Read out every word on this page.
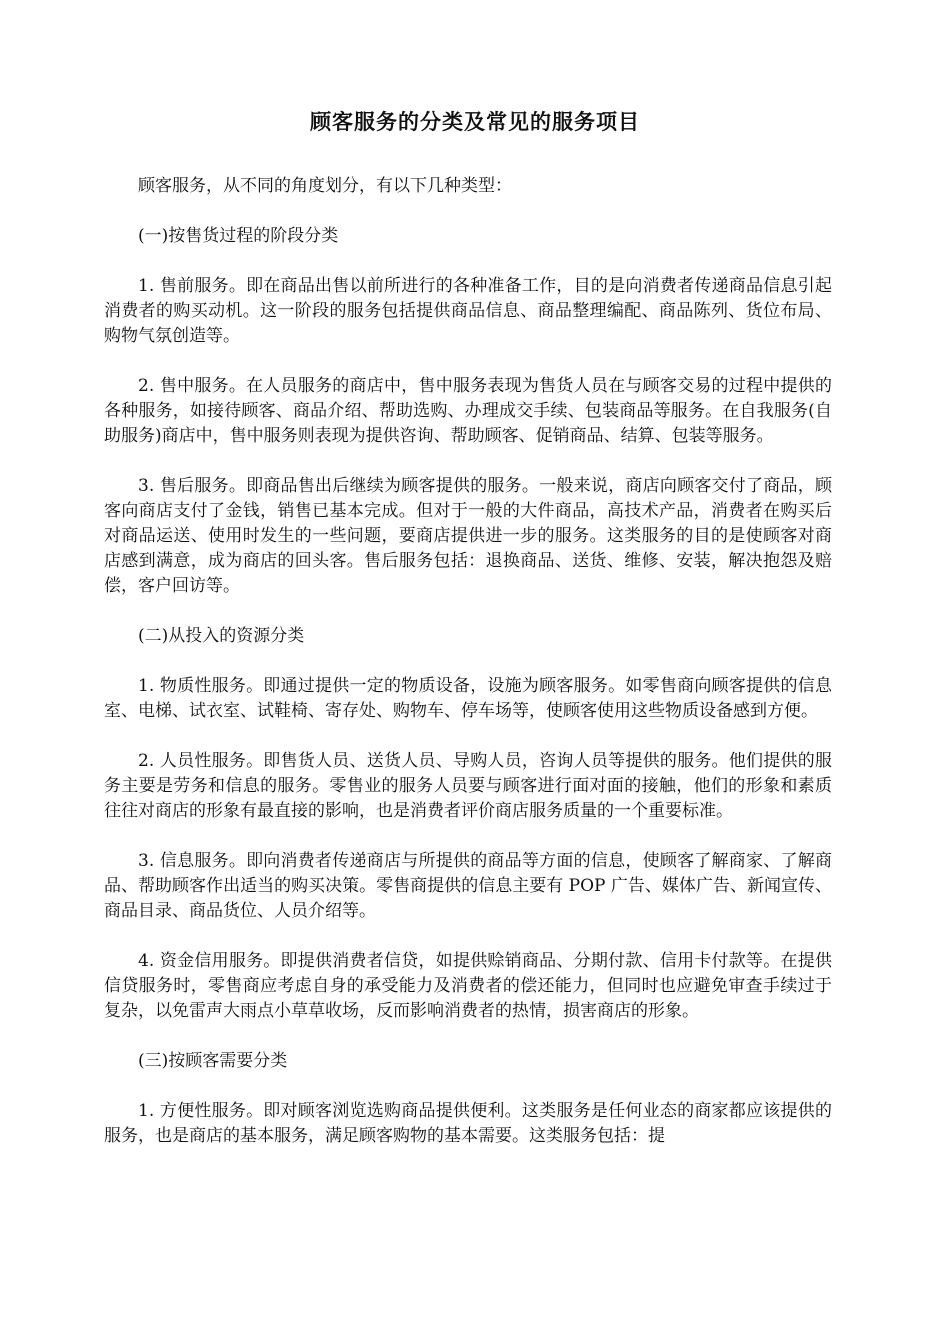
顾客服务的分类及常见的服务项目

顾客服务，从不同的角度划分，有以下几种类型：

(一)按售货过程的阶段分类

1. 售前服务。即在商品出售以前所进行的各种准备工作，目的是向消费者传递商品信息引起消费者的购买动机。这一阶段的服务包括提供商品信息、商品整理编配、商品陈列、货位布局、购物气氛创造等。

2. 售中服务。在人员服务的商店中，售中服务表现为售货人员在与顾客交易的过程中提供的各种服务，如接待顾客、商品介绍、帮助选购、办理成交手续、包装商品等服务。在自我服务(自助服务)商店中，售中服务则表现为提供咨询、帮助顾客、促销商品、结算、包装等服务。

3. 售后服务。即商品售出后继续为顾客提供的服务。一般来说，商店向顾客交付了商品，顾客向商店支付了金钱，销售已基本完成。但对于一般的大件商品，高技术产品，消费者在购买后对商品运送、使用时发生的一些问题，要商店提供进一步的服务。这类服务的目的是使顾客对商店感到满意，成为商店的回头客。售后服务包括：退换商品、送货、维修、安装，解决抱怨及赔偿，客户回访等。

(二)从投入的资源分类

1. 物质性服务。即通过提供一定的物质设备，设施为顾客服务。如零售商向顾客提供的信息室、电梯、试衣室、试鞋椅、寄存处、购物车、停车场等，使顾客使用这些物质设备感到方便。

2. 人员性服务。即售货人员、送货人员、导购人员，咨询人员等提供的服务。他们提供的服务主要是劳务和信息的服务。零售业的服务人员要与顾客进行面对面的接触，他们的形象和素质往往对商店的形象有最直接的影响，也是消费者评价商店服务质量的一个重要标准。

3. 信息服务。即向消费者传递商店与所提供的商品等方面的信息，使顾客了解商家、了解商品、帮助顾客作出适当的购买决策。零售商提供的信息主要有 POP 广告、媒体广告、新闻宣传、商品目录、商品货位、人员介绍等。

4. 资金信用服务。即提供消费者信贷，如提供赊销商品、分期付款、信用卡付款等。在提供信贷服务时，零售商应考虑自身的承受能力及消费者的偿还能力，但同时也应避免审查手续过于复杂，以免雷声大雨点小草草收场，反而影响消费者的热情，损害商店的形象。

(三)按顾客需要分类

1. 方便性服务。即对顾客浏览选购商品提供便利。这类服务是任何业态的商家都应该提供的服务，也是商店的基本服务，满足顾客购物的基本需要。这类服务包括：提
